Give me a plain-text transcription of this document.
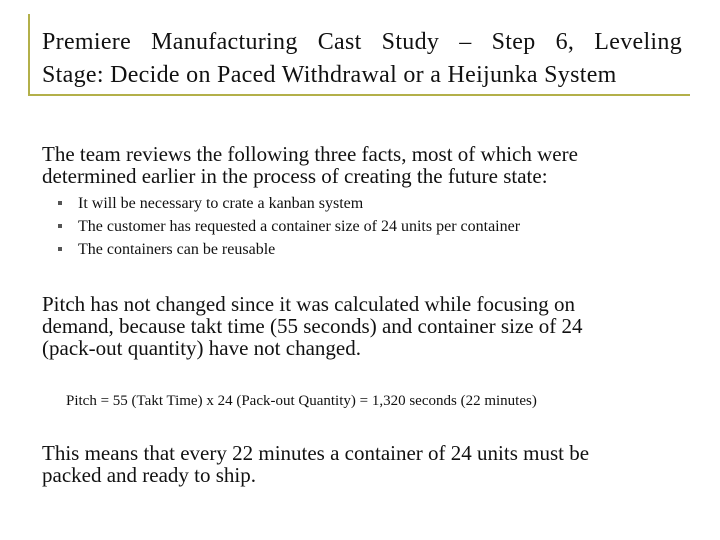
Premiere Manufacturing Cast Study – Step 6, Leveling
Stage: Decide on Paced Withdrawal or a Heijunka System

The team reviews the following three facts, most of which were
determined earlier in the process of creating the future state:

It will be necessary to crate a kanban system
The customer has requested a container size of 24 units per container
The containers can be reusable

Pitch has not changed since it was calculated while focusing on
demand, because takt time (55 seconds) and container size of 24
(pack-out quantity) have not changed.

Pitch = 55 (Takt Time) x 24 (Pack-out Quantity) = 1,320 seconds (22 minutes)

This means that every 22 minutes a container of 24 units must be
packed and ready to ship.
